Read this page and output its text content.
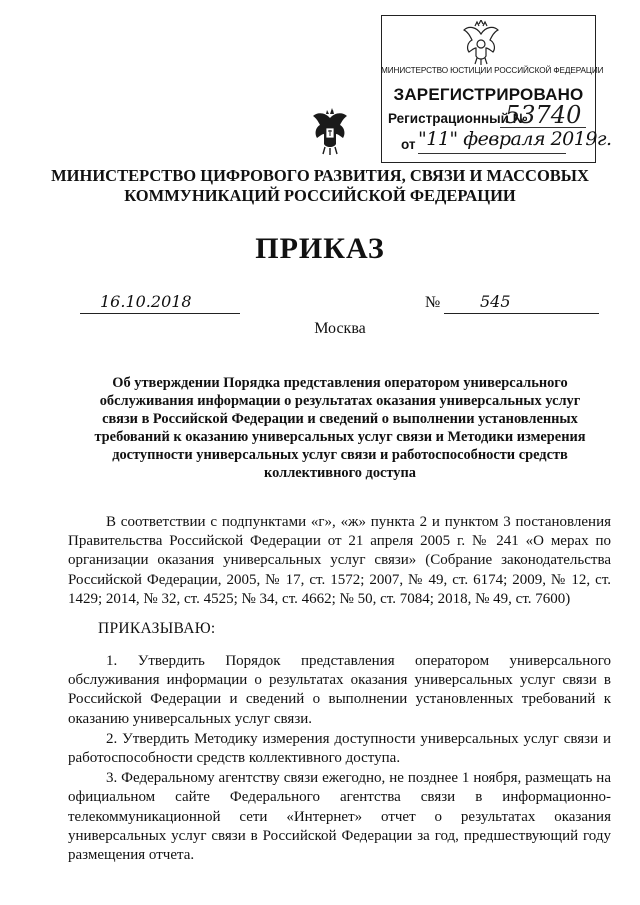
МИНИСТЕРСТВО ЮСТИЦИИ РОССИЙСКОЙ ФЕДЕРАЦИИ
ЗАРЕГИСТРИРОВАНО
Регистрационный №
53740
от "11" февраля 2019г.
МИНИСТЕРСТВО ЦИФРОВОГО РАЗВИТИЯ, СВЯЗИ И МАССОВЫХ
КОММУНИКАЦИЙ РОССИЙСКОЙ ФЕДЕРАЦИИ
ПРИКАЗ
16.10.2018	№ 545
Москва
Об утверждении Порядка представления оператором универсального
обслуживания информации о результатах оказания универсальных услуг
связи в Российской Федерации и сведений о выполнении установленных
требований к оказанию универсальных услуг связи и Методики измерения
доступности универсальных услуг связи и работоспособности средств
коллективного доступа

В соответствии с подпунктами «г», «ж» пункта 2 и пунктом 3 постановления Правительства Российской Федерации от 21 апреля 2005 г. № 241 «О мерах по организации оказания универсальных услуг связи» (Собрание законодательства Российской Федерации, 2005, № 17, ст. 1572; 2007, № 49, ст. 6174; 2009, № 12, ст. 1429; 2014, № 32, ст. 4525; № 34, ст. 4662; № 50, ст. 7084; 2018, № 49, ст. 7600)

ПРИКАЗЫВАЮ:

1. Утвердить Порядок представления оператором универсального обслуживания информации о результатах оказания универсальных услуг связи в Российской Федерации и сведений о выполнении установленных требований к оказанию универсальных услуг связи.

2. Утвердить Методику измерения доступности универсальных услуг связи и работоспособности средств коллективного доступа.

3. Федеральному агентству связи ежегодно, не позднее 1 ноября, размещать на официальном сайте Федерального агентства связи в информационно-телекоммуникационной сети «Интернет» отчет о результатах оказания универсальных услуг связи в Российской Федерации за год, предшествующий году размещения отчета.
